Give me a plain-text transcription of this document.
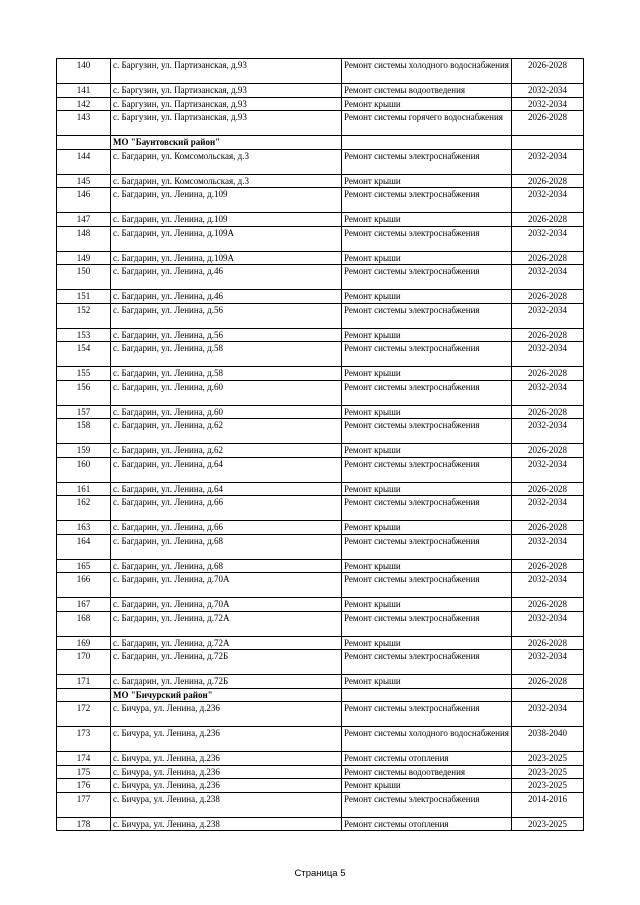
140	с. Баргузин, ул. Партизанская, д.93	Ремонт системы холодного водоснабжения	2026-2028
141	с. Баргузин, ул. Партизанская, д.93	Ремонт системы водоотведения	2032-2034
142	с. Баргузин, ул. Партизанская, д.93	Ремонт крыши	2032-2034
143	с. Баргузин, ул. Партизанская, д.93	Ремонт системы горячего водоснабжения	2026-2028
	МО "Баунтовский район"		
144	с. Багдарин, ул. Комсомольская, д.3	Ремонт системы электроснабжения	2032-2034
145	с. Багдарин, ул. Комсомольская, д.3	Ремонт крыши	2026-2028
146	с. Багдарин, ул. Ленина, д.109	Ремонт системы электроснабжения	2032-2034
147	с. Багдарин, ул. Ленина, д.109	Ремонт крыши	2026-2028
148	с. Багдарин, ул. Ленина, д.109А	Ремонт системы электроснабжения	2032-2034
149	с. Багдарин, ул. Ленина, д.109А	Ремонт крыши	2026-2028
150	с. Багдарин, ул. Ленина, д.46	Ремонт системы электроснабжения	2032-2034
151	с. Багдарин, ул. Ленина, д.46	Ремонт крыши	2026-2028
152	с. Багдарин, ул. Ленина, д.56	Ремонт системы электроснабжения	2032-2034
153	с. Багдарин, ул. Ленина, д.56	Ремонт крыши	2026-2028
154	с. Багдарин, ул. Ленина, д.58	Ремонт системы электроснабжения	2032-2034
155	с. Багдарин, ул. Ленина, д.58	Ремонт крыши	2026-2028
156	с. Багдарин, ул. Ленина, д.60	Ремонт системы электроснабжения	2032-2034
157	с. Багдарин, ул. Ленина, д.60	Ремонт крыши	2026-2028
158	с. Багдарин, ул. Ленина, д.62	Ремонт системы электроснабжения	2032-2034
159	с. Багдарин, ул. Ленина, д.62	Ремонт крыши	2026-2028
160	с. Багдарин, ул. Ленина, д.64	Ремонт системы электроснабжения	2032-2034
161	с. Багдарин, ул. Ленина, д.64	Ремонт крыши	2026-2028
162	с. Багдарин, ул. Ленина, д.66	Ремонт системы электроснабжения	2032-2034
163	с. Багдарин, ул. Ленина, д.66	Ремонт крыши	2026-2028
164	с. Багдарин, ул. Ленина, д.68	Ремонт системы электроснабжения	2032-2034
165	с. Багдарин, ул. Ленина, д.68	Ремонт крыши	2026-2028
166	с. Багдарин, ул. Ленина, д.70А	Ремонт системы электроснабжения	2032-2034
167	с. Багдарин, ул. Ленина, д.70А	Ремонт крыши	2026-2028
168	с. Багдарин, ул. Ленина, д.72А	Ремонт системы электроснабжения	2032-2034
169	с. Багдарин, ул. Ленина, д.72А	Ремонт крыши	2026-2028
170	с. Багдарин, ул. Ленина, д.72Б	Ремонт системы электроснабжения	2032-2034
171	с. Багдарин, ул. Ленина, д.72Б	Ремонт крыши	2026-2028
	МО "Бичурский район"		
172	с. Бичура, ул. Ленина, д.236	Ремонт системы электроснабжения	2032-2034
173	с. Бичура, ул. Ленина, д.236	Ремонт системы холодного водоснабжения	2038-2040
174	с. Бичура, ул. Ленина, д.236	Ремонт системы отопления	2023-2025
175	с. Бичура, ул. Ленина, д.236	Ремонт системы водоотведения	2023-2025
176	с. Бичура, ул. Ленина, д.236	Ремонт крыши	2023-2025
177	с. Бичура, ул. Ленина, д.238	Ремонт системы электроснабжения	2014-2016
178	с. Бичура, ул. Ленина, д.238	Ремонт системы отопления	2023-2025
Страница 5
